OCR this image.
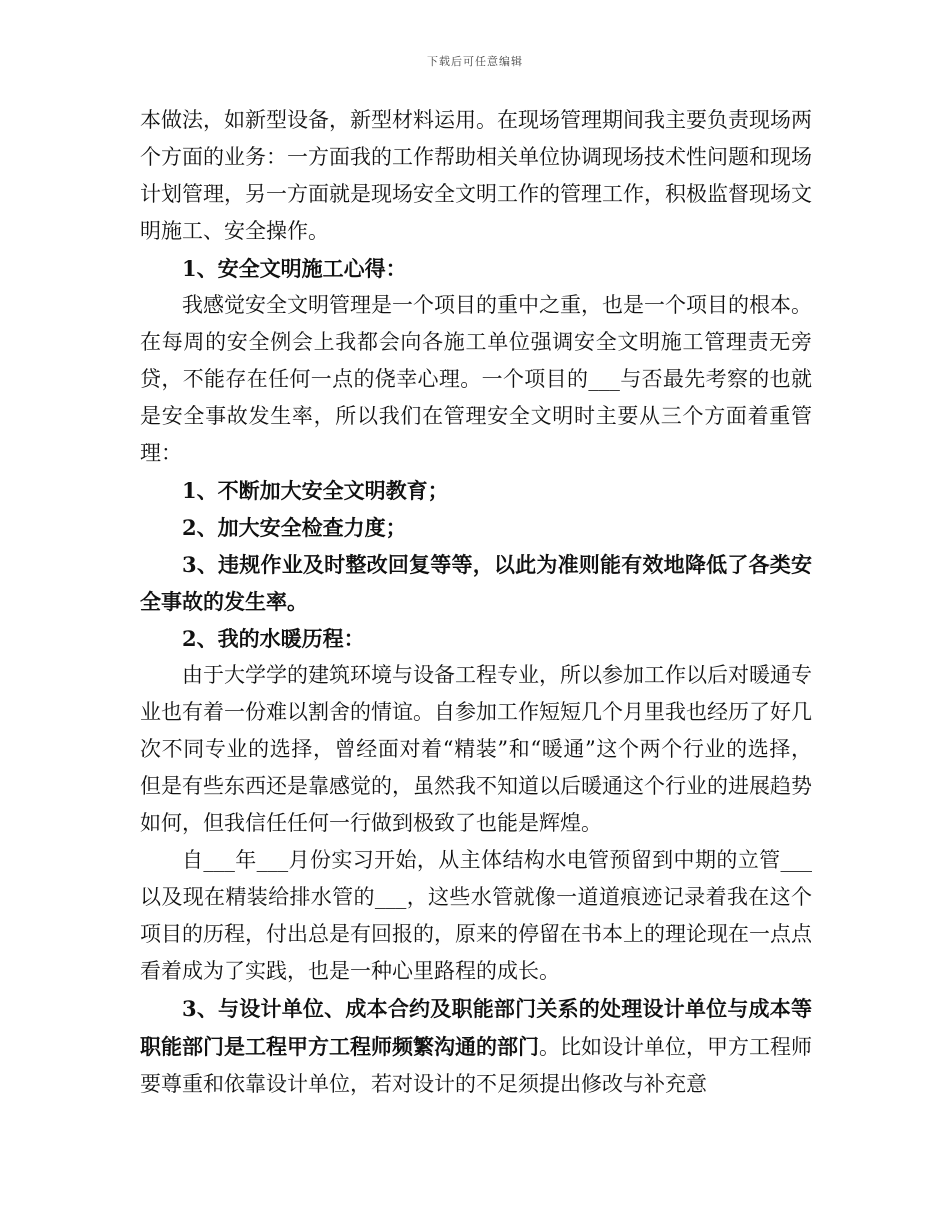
下载后可任意编辑

本做法，如新型设备，新型材料运用。在现场管理期间我主要负责现场两个方面的业务：一方面我的工作帮助相关单位协调现场技术性问题和现场计划管理，另一方面就是现场安全文明工作的管理工作，积极监督现场文明施工、安全操作。

1、安全文明施工心得：

我感觉安全文明管理是一个项目的重中之重，也是一个项目的根本。在每周的安全例会上我都会向各施工单位强调安全文明施工管理责无旁贷，不能存在任何一点的侥幸心理。一个项目的___与否最先考察的也就是安全事故发生率，所以我们在管理安全文明时主要从三个方面着重管理：

1、不断加大安全文明教育；

2、加大安全检查力度；

3、违规作业及时整改回复等等，以此为准则能有效地降低了各类安全事故的发生率。

2、我的水暖历程：

由于大学学的建筑环境与设备工程专业，所以参加工作以后对暖通专业也有着一份难以割舍的情谊。自参加工作短短几个月里我也经历了好几次不同专业的选择，曾经面对着“精装”和“暖通”这个两个行业的选择，但是有些东西还是靠感觉的，虽然我不知道以后暖通这个行业的进展趋势如何，但我信任任何一行做到极致了也能是辉煌。

自___年___月份实习开始，从主体结构水电管预留到中期的立管___以及现在精装给排水管的___，这些水管就像一道道痕迹记录着我在这个项目的历程，付出总是有回报的，原来的停留在书本上的理论现在一点点看着成为了实践，也是一种心里路程的成长。

3、与设计单位、成本合约及职能部门关系的处理设计单位与成本等职能部门是工程甲方工程师频繁沟通的部门。比如设计单位，甲方工程师要尊重和依靠设计单位，若对设计的不足须提出修改与补充意
